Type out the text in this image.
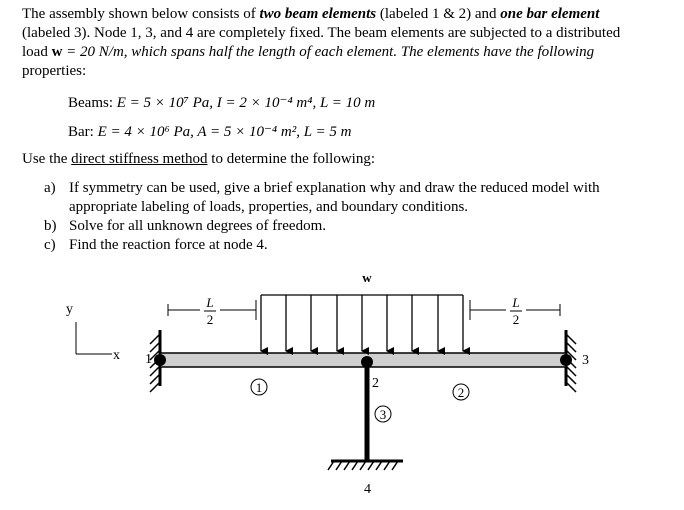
The assembly shown below consists of two beam elements (labeled 1 & 2) and one bar element
(labeled 3). Node 1, 3, and 4 are completely fixed. The beam elements are subjected to a distributed
load w = 20 N/m, which spans half the length of each element. The elements have the following
properties:
Beams: E = 5 × 10⁷ Pa, I = 2 × 10⁻⁴ m⁴, L = 10 m
Bar: E = 4 × 10⁶ Pa, A = 5 × 10⁻⁴ m², L = 5 m
Use the direct stiffness method to determine the following:
a) If symmetry can be used, give a brief explanation why and draw the reduced model with
appropriate labeling of loads, properties, and boundary conditions.
b) Solve for all unknown degrees of freedom.
c) Find the reaction force at node 4.
y
x 1
2
3
4
1	2
3
w
L
2
L
2
